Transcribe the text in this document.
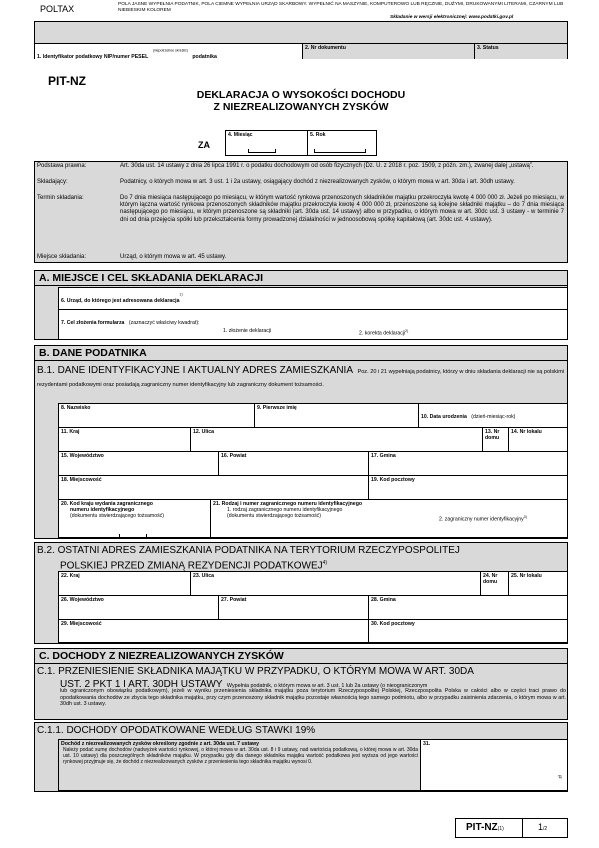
POLTAX	POLA JASNE WYPEŁNIA PODATNIK, POLA CIEMNE WYPEŁNIA URZĄD SKARBOWY. WYPEŁNIĆ NA MASZYNIE, KOMPUTEROWO LUB RĘCZNIE, DUŻYMI, DRUKOWANYMI LITERAMI, CZARNYM LUB NIEBIESKIM KOLOREM
Składanie w wersji elektronicznej: www.podatki.gov.pl
1. Identyfikator podatkowy NIP/numer PESEL $^{(niepotrzebne skreślić)}$ podatnika
2. Nr dokumentu	3. Status
PIT-NZ
DEKLARACJA O WYSOKOŚCI DOCHODU
Z NIEZREALIZOWANYCH ZYSKÓW
ZA
4. Miesiąc	5. Rok
Podstawa prawna:	Art. 30da ust. 14 ustawy z dnia 26 lipca 1991 r. o podatku dochodowym od osób fizycznych (Dz. U. z 2018 r. poz. 1509, z późn. zm.), zwanej dalej „ustawą”.
Składający:	Podatnicy, o których mowa w art. 3 ust. 1 i 2a ustawy, osiągający dochód z niezrealizowanych zysków, o którym mowa w art. 30da i art. 30dh ustawy.
Termin składania:	Do 7 dnia miesiąca następującego po miesiącu, w którym wartość rynkowa przenoszonych składników majątku przekroczyła kwotę 4 000 000 zł. Jeżeli po miesiącu, w którym łączna wartość rynkowa przenoszonych składników majątku przekroczyła kwotę 4 000 000 zł, przenoszone są kolejne składniki majątku – do 7 dnia miesiąca następującego po miesiącu, w którym przenoszone są składniki (art. 30da ust. 14 ustawy) albo w przypadku, o którym mowa w art. 30dc ust. 3 ustawy - w terminie 7 dni od dnia przejęcia spółki lub przekształcenia formy prowadzonej działalności w jednoosobową spółkę kapitałową (art. 30dc ust. 4 ustawy).
Miejsce składania:	Urząd, o którym mowa w art. 45 ustawy.
A. MIEJSCE I CEL SKŁADANIA DEKLARACJI
6. Urząd, do którego jest adresowana deklaracja$^{1)}$
7. Cel złożenia formularza (zaznaczyć właściwy kwadrat):
1. złożenie deklaracji	2. korekta deklaracji$^{2)}$
B. DANE PODATNIKA
B.1. DANE IDENTYFIKACYJNE I AKTUALNY ADRES ZAMIESZKANIA Poz. 20 i 21 wypełniają podatnicy, którzy w dniu składania deklaracji nie są polskimi rezydentami podatkowymi oraz posiadają zagraniczny numer identyfikacyjny lub zagraniczny dokument tożsamości.
8. Nazwisko	9. Pierwsze imię
10. Data urodzenia (dzień-miesiąc-rok)
11. Kraj	12. Ulica	13. Nr domu
14. Nr lokalu
15. Województwo	16. Powiat	17. Gmina
18. Miejscowość	19. Kod pocztowy
20. Kod kraju wydania zagranicznego
numeru identyfikacyjnego
(dokumentu stwierdzającego tożsamość)
21. Rodzaj i numer zagranicznego numeru identyfikacyjnego
1. rodzaj zagranicznego numeru identyfikacyjnego
(dokumentu stwierdzającego tożsamość)
2. zagraniczny numer identyfikacyjny$^{3)}$
B.2. OSTATNI ADRES ZAMIESZKANIA PODATNIKA NA TERYTORIUM RZECZYPOSPOLITEJ
POLSKIEJ PRZED ZMIANĄ REZYDENCJI PODATKOWEJ$^{4)}$
22. Kraj	23. Ulica	24. Nr domu
25. Nr lokalu
26. Województwo	27. Powiat	28. Gmina
29. Miejscowość	30. Kod pocztowy
C. DOCHODY Z NIEZREALIZOWANYCH ZYSKÓW
C.1. PRZENIESIENIE SKŁADNIKA MAJĄTKU W PRZYPADKU, O KTÓRYM MOWA W ART. 30DA
UST. 2 PKT 1 I ART. 30DH USTAWY Wypełnia podatnik, o którym mowa w art. 3 ust. 1 lub 2a ustawy (o nieograniczonym
lub ograniczonym obowiązku podatkowym), jeżeli w wyniku przeniesienia składnika majątku poza terytorium Rzeczypospolitej Polskiej, Rzeczpospolita Polska w całości albo w części traci prawo do opodatkowania dochodów ze zbycia tego składnika majątku, przy czym przenoszony składnik majątku pozostaje własnością tego samego podmiotu, albo w przypadku zaistnienia zdarzenia, o którym mowa w art. 30dh ust. 3 ustawy.
C.1.1. DOCHODY OPODATKOWANE WEDŁUG STAWKI 19%
Dochód z niezrealizowanych zysków określony zgodnie z art. 30da ust. 7 ustawy
Należy podać sumę dochodów (nadwyżek wartości rynkowej, o której mowa w art. 30da ust. 8 i 9 ustawy, nad wartością podatkową, o której mowa w art. 30da ust. 10 ustawy) dla poszczególnych składników majątku. W przypadku gdy dla danego składnika majątku wartość podatkowa jest wyższa od jego wartości rynkowej przyjmuje się, że dochód z niezrealizowanych zysków z przeniesienia tego składnika majątku wynosi 0.
31.
zł
PIT-NZ(1)	1/2
